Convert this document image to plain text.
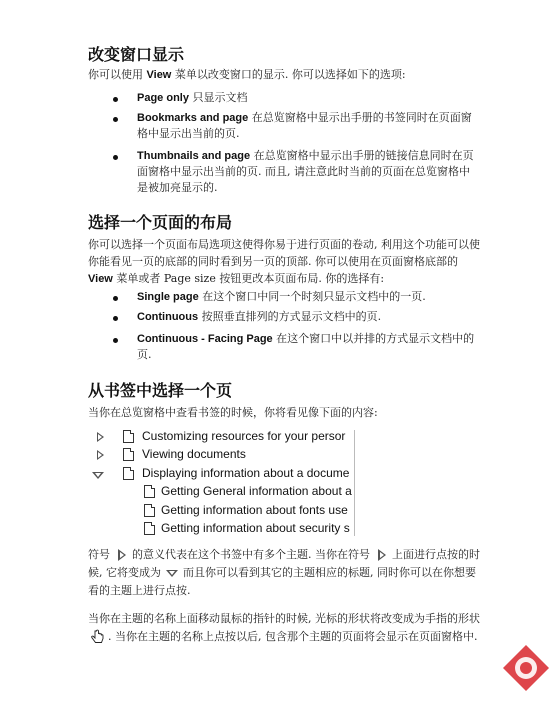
改变窗口显示
你可以使用 View 菜单以改变窗口的显示. 你可以选择如下的选项:
Page only 只显示文档
Bookmarks and page 在总览窗格中显示出手册的书签同时在页面窗格中显示出当前的页.
Thumbnails and page 在总览窗格中显示出手册的链接信息同时在页面窗格中显示出当前的页. 而且, 请注意此时当前的页面在总览窗格中是被加亮显示的.
选择一个页面的布局
你可以选择一个页面布局选项这使得你易于进行页面的卷动, 利用这个功能可以使你能看见一页的底部的同时看到另一页的顶部. 你可以使用在页面窗格底部的 View 菜单或者 Page size 按钮更改本页面布局. 你的选择有:
Single page 在这个窗口中同一个时刻只显示文档中的一页.
Continuous 按照垂直排列的方式显示文档中的页.
Continuous - Facing Page 在这个窗口中以并排的方式显示文档中的页.
从书签中选择一个页
当你在总览窗格中查看书签的时候，你将看见像下面的内容:
Customizing resources for your persor
Viewing documents
Displaying information about a docume
Getting General information about a
Getting information about fonts use
Getting information about security s
符号 的意义代表在这个书签中有多个主题. 当你在符号 上面进行点按的时候, 它将变成为 而且你可以看到其它的主题相应的标题, 同时你可以在你想要看的主题上进行点按.
当你在主题的名称上面移动鼠标的指针的时候, 光标的形状将改变成为手指的形状. 当你在主题的名称上点按以后, 包含那个主题的页面将会显示在页面窗格中.
